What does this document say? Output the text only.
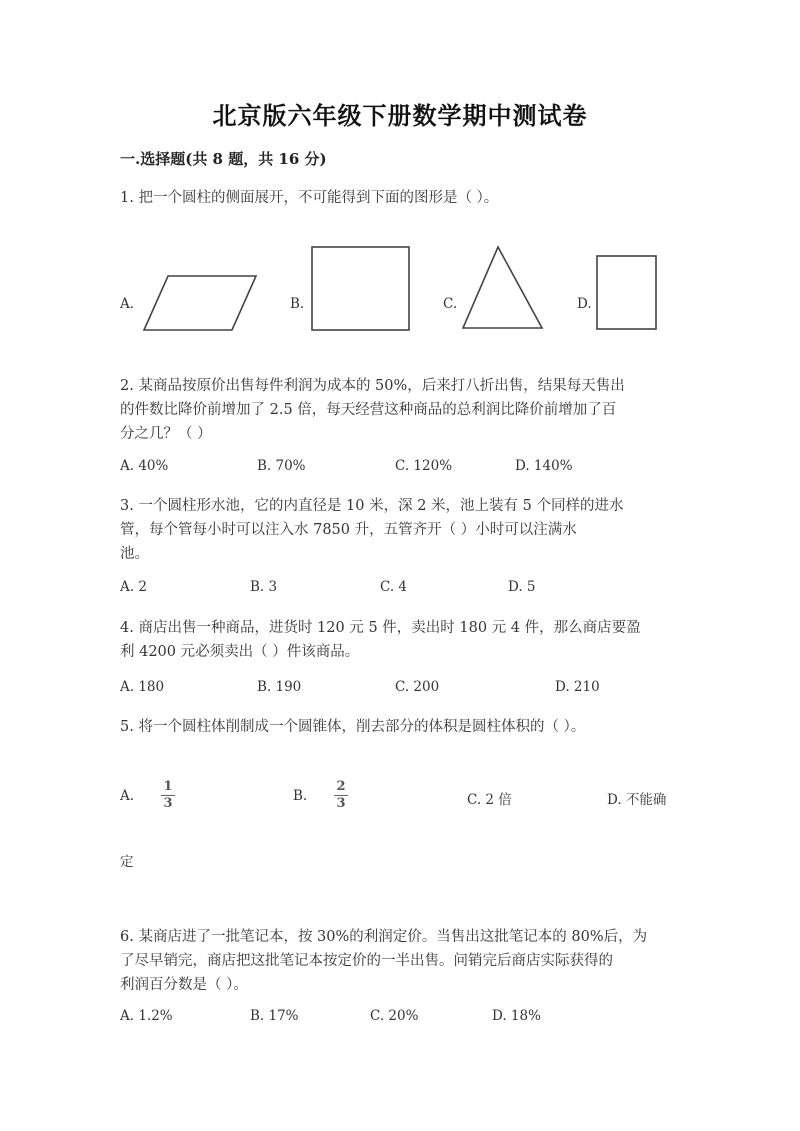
北京版六年级下册数学期中测试卷
一.选择题(共 8 题，共 16 分)
1. 把一个圆柱的侧面展开，不可能得到下面的图形是（ ）。
A.	B.	C.	D.
2. 某商品按原价出售每件利润为成本的 50%，后来打八折出售，结果每天售出
的件数比降价前增加了 2.5 倍，每天经营这种商品的总利润比降价前增加了百
分之几？（ ）
A. 40%	B. 70%	C. 120%	D. 140%
3. 一个圆柱形水池，它的内直径是 10 米，深 2 米，池上装有 5 个同样的进水
管，每个管每小时可以注入水 7850 升，五管齐开（ ）小时可以注满水
池。
A. 2	B. 3	C. 4	D. 5
4. 商店出售一种商品，进货时 120 元 5 件，卖出时 180 元 4 件，那么商店要盈
利 4200 元必须卖出（ ）件该商品。
A. 180	B. 190	C. 200	D. 210
5. 将一个圆柱体削制成一个圆锥体，削去部分的体积是圆柱体积的（ ）。
A.
1
3	B.
2
3	C. 2 倍	D. 不能确
定
6. 某商店进了一批笔记本，按 30%的利润定价。当售出这批笔记本的 80%后，为
了尽早销完，商店把这批笔记本按定价的一半出售。问销完后商店实际获得的
利润百分数是（ ）。
A. 1.2%	B. 17%	C. 20%	D. 18%
